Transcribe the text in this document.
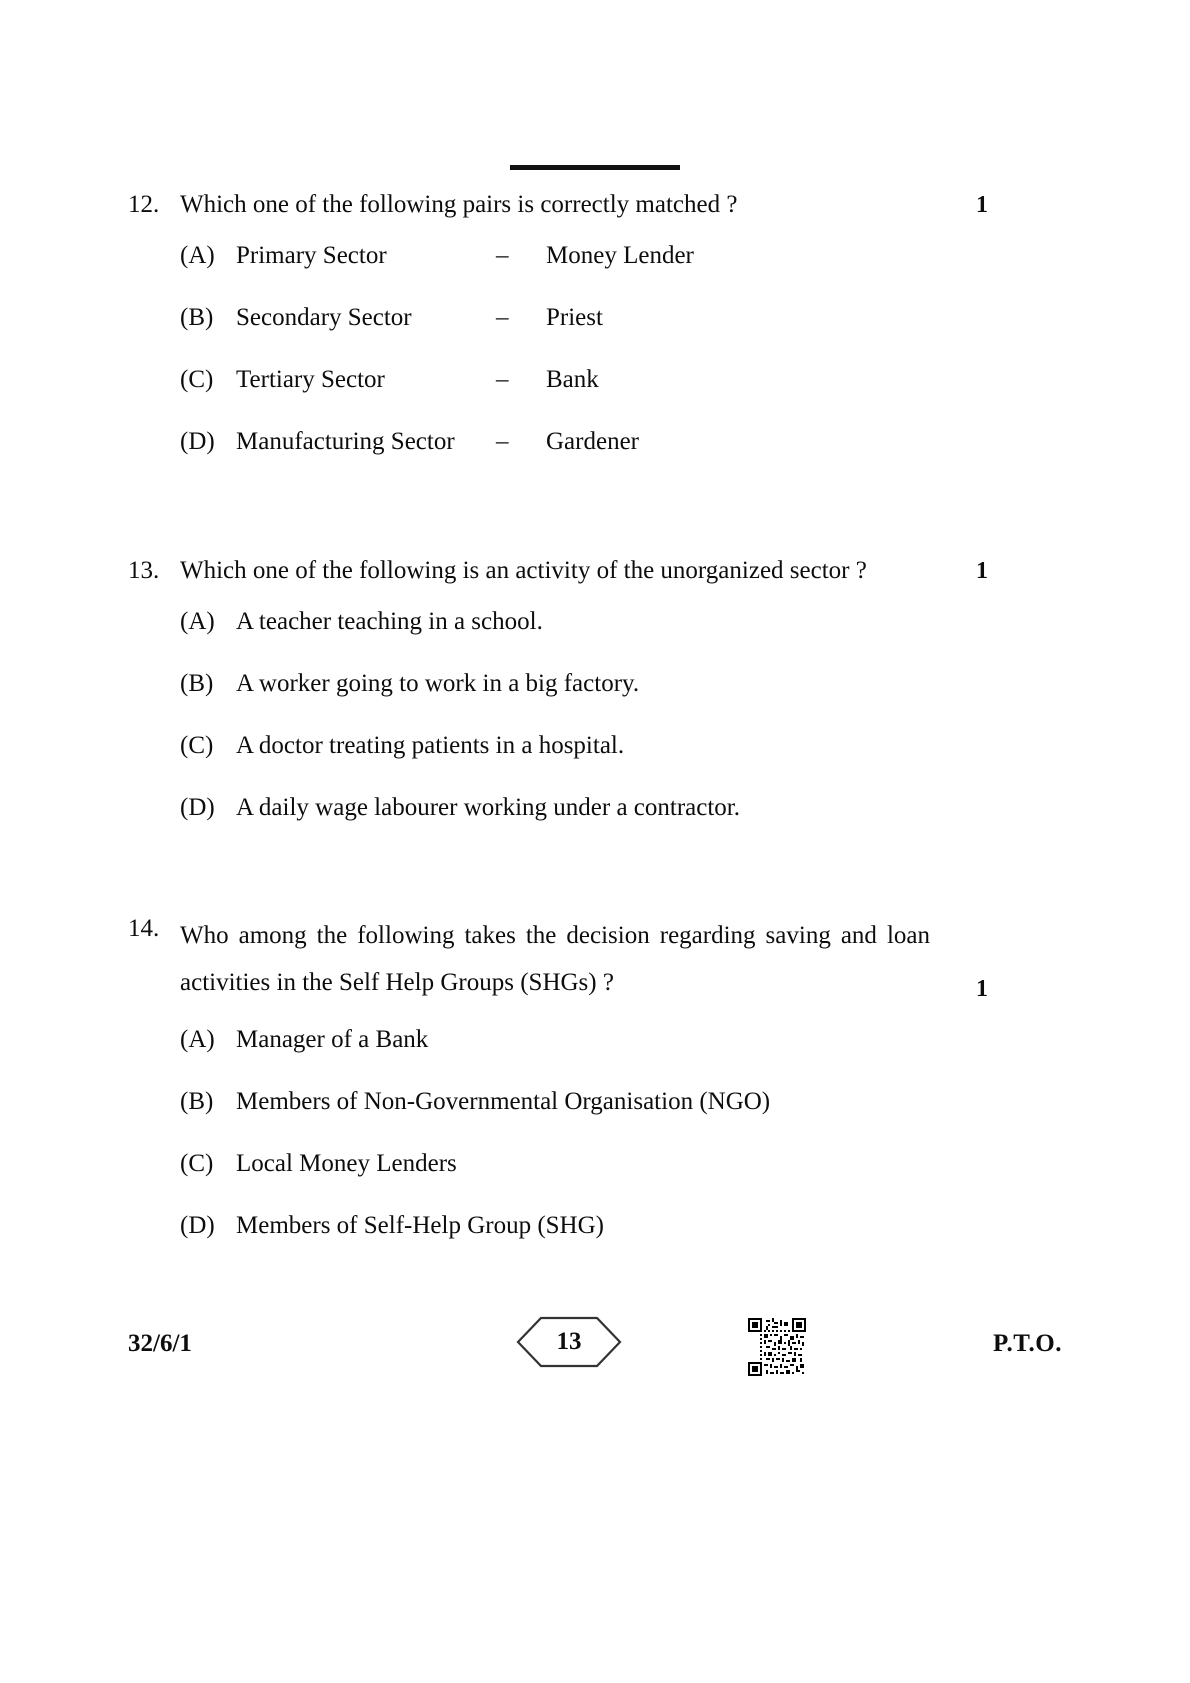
12. Which one of the following pairs is correctly matched ?	1
(A) Primary Sector	–	Money Lender
(B) Secondary Sector	–	Priest
(C) Tertiary Sector	–	Bank
(D) Manufacturing Sector	–	Gardener
13. Which one of the following is an activity of the unorganized sector ?	1
(A) A teacher teaching in a school.
(B) A worker going to work in a big factory.
(C) A doctor treating patients in a hospital.
(D) A daily wage labourer working under a contractor.
14. Who among the following takes the decision regarding saving and loan activities in the Self Help Groups (SHGs) ?	1
(A) Manager of a Bank
(B) Members of Non-Governmental Organisation (NGO)
(C) Local Money Lenders
(D) Members of Self-Help Group (SHG)
32/6/1	13	P.T.O.
